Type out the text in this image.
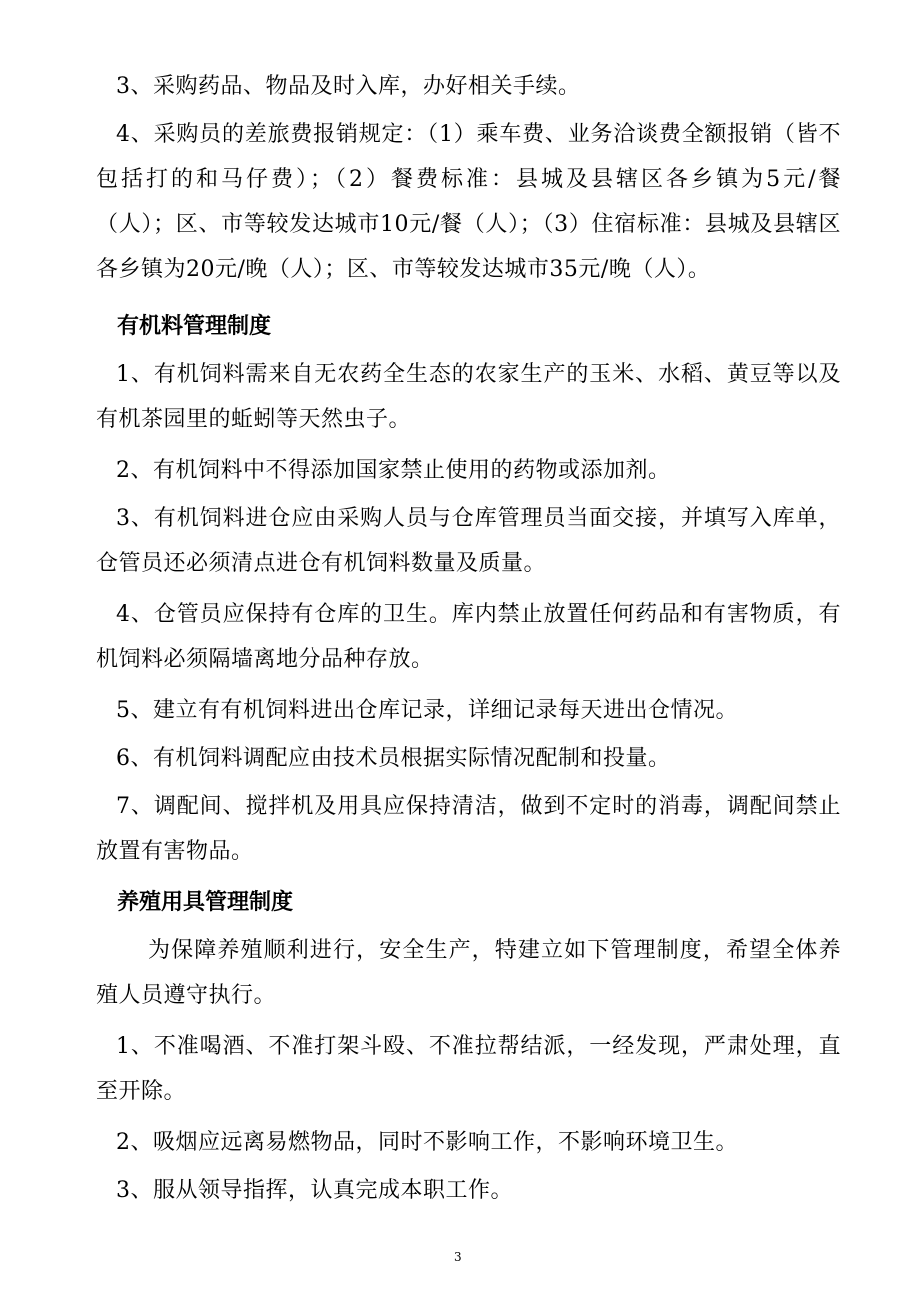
3、采购药品、物品及时入库，办好相关手续。

4、采购员的差旅费报销规定：（1）乘车费、业务洽谈费全额报销（皆不包括打的和马仔费）；（2）餐费标准：县城及县辖区各乡镇为5元/餐（人）；区、市等较发达城市10元/餐（人）；（3）住宿标准：县城及县辖区各乡镇为20元/晚（人）；区、市等较发达城市35元/晚（人）。

有机料管理制度

1、有机饲料需来自无农药全生态的农家生产的玉米、水稻、黄豆等以及有机茶园里的蚯蚓等天然虫子。

2、有机饲料中不得添加国家禁止使用的药物或添加剂。

3、有机饲料进仓应由采购人员与仓库管理员当面交接，并填写入库单，仓管员还必须清点进仓有机饲料数量及质量。

4、仓管员应保持有仓库的卫生。库内禁止放置任何药品和有害物质，有机饲料必须隔墙离地分品种存放。

5、建立有有机饲料进出仓库记录，详细记录每天进出仓情况。

6、有机饲料调配应由技术员根据实际情况配制和投量。

7、调配间、搅拌机及用具应保持清洁，做到不定时的消毒，调配间禁止放置有害物品。

养殖用具管理制度

为保障养殖顺利进行，安全生产，特建立如下管理制度，希望全体养殖人员遵守执行。

1、不准喝酒、不准打架斗殴、不准拉帮结派，一经发现，严肃处理，直至开除。

2、吸烟应远离易燃物品，同时不影响工作，不影响环境卫生。

3、服从领导指挥，认真完成本职工作。

3
